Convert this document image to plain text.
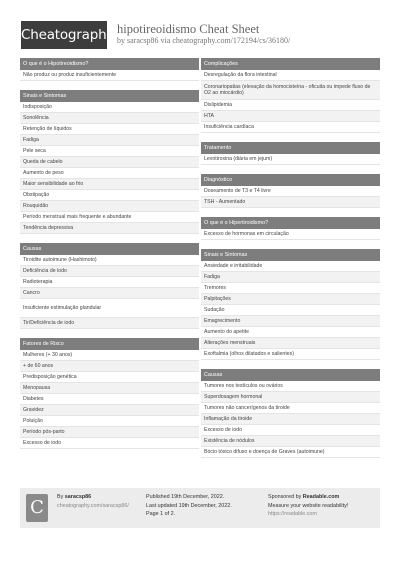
Cheatography hipotireoidismo Cheat Sheet
by saracsp86 via cheatography.com/172194/cs/36180/
O que é o Hipotireoidismo?
Não produz ou produz insuficientemente
Sinais e Sintomas
Indisposição
Sonolência
Retenção de líquidos
Fadiga
Pele seca
Queda de cabelo
Aumento de peso
Maior sensibilidade ao frio
Obstipação
Rouquidão
Período menstrual mais frequente e abundante
Tendência depressiva
Causas
Tiroidite autoimune (Hashimoto)
Deficiência de iodo
Radioterapia
Cancro
Insuficiente estimulação glandular
Tir/Deficiência de iodo
Fatores de Risco
Mulheres (+ 30 anos)
+ de 60 anos
Predisposição genética
Menopausa
Diabetes
Gravidez
Poluição
Período pós-parto
Excesso de iodo
Complicações
Desregulação da flora intestinal
Coronariopatias (elevação da homocisteína - oficuita ou impede fluxo de O2 ao miocárdio)
Dislipidemia
HTA
Insuficiência cardíaca
Tratamento
Levotiroxina (diária em jejum)
Diagnóstico
Doseamento de T3 e T4 livre
TSH - Aumentado
O que é o Hipertiroidismo?
Excesso de hormonas em circulação
Sinais e Sintomas
Ansiedade e irritabilidade
Fadiga
Tremores
Palpitações
Sudação
Emagrecimento
Aumento do apetite
Alterações menstruais
Exoftalmia (olhos dilatados e salientes)
Causas
Tumores nos testículos ou ovários
Superdosagem hormonal
Tumores não cancerígenos da tiroide
Inflamação da tiroide
Excesso de iodo
Existência de nódulos
Bócio tóxico difuso e doença de Graves (autoimune)
C	By saracsp86
cheatography.com/saracsp86/
Published 19th December, 2022.
Last updated 19th December, 2022.
Page 1 of 2.
Sponsored by Readable.com
Measure your website readability!
https://readable.com
